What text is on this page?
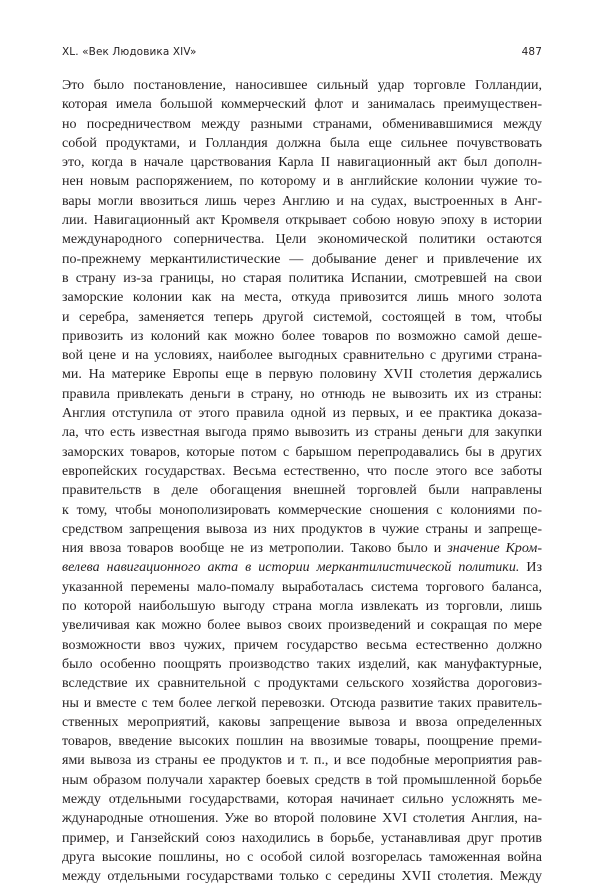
XL. «Век Людовика XIV»	487
Это было постановление, наносившее сильный удар торговле Голландии,
которая имела большой коммерческий флот и занималась преимуществен-
но посредничеством между разными странами, обменивавшимися между
собой продуктами, и Голландия должна была еще сильнее почувствовать
это, когда в начале царствования Карла II навигационный акт был дополн-
нен новым распоряжением, по которому и в английские колонии чужие то-
вары могли ввозиться лишь через Англию и на судах, выстроенных в Анг-
лии. Навигационный акт Кромвеля открывает собою новую эпоху в истории
международного соперничества. Цели экономической политики остаются
по-прежнему меркантилистические — добывание денег и привлечение их
в страну из-за границы, но старая политика Испании, смотревшей на свои
заморские колонии как на места, откуда привозится лишь много золота
и серебра, заменяется теперь другой системой, состоящей в том, чтобы
привозить из колоний как можно более товаров по возможно самой деше-
вой цене и на условиях, наиболее выгодных сравнительно с другими страна-
ми. На материке Европы еще в первую половину XVII столетия держались
правила привлекать деньги в страну, но отнюдь не вывозить их из страны:
Англия отступила от этого правила одной из первых, и ее практика доказа-
ла, что есть известная выгода прямо вывозить из страны деньги для закупки
заморских товаров, которые потом с барышом перепродавались бы в других
европейских государствах. Весьма естественно, что после этого все заботы
правительств в деле обогащения внешней торговлей были направлены
к тому, чтобы монополизировать коммерческие сношения с колониями по-
средством запрещения вывоза из них продуктов в чужие страны и запреще-
ния ввоза товаров вообще не из метрополии. Таково было и значение Кром-
велева навигационного акта в истории меркантилистической политики. Из
указанной перемены мало-помалу выработалась система торгового баланса,
по которой наибольшую выгоду страна могла извлекать из торговли, лишь
увеличивая как можно более вывоз своих произведений и сокращая по мере
возможности ввоз чужих, причем государство весьма естественно должно
было особенно поощрять производство таких изделий, как мануфактурные,
вследствие их сравнительной с продуктами сельского хозяйства дороговиз-
ны и вместе с тем более легкой перевозки. Отсюда развитие таких правитель-
ственных мероприятий, каковы запрещение вывоза и ввоза определенных
товаров, введение высоких пошлин на ввозимые товары, поощрение преми-
ями вывоза из страны ее продуктов и т. п., и все подобные мероприятия рав-
ным образом получали характер боевых средств в той промышленной борьбе
между отдельными государствами, которая начинает сильно усложнять ме-
ждународные отношения. Уже во второй половине XVI столетия Англия, на-
пример, и Ганзейский союз находились в борьбе, устанавливая друг против
друга высокие пошлины, но с особой силой возгорелась таможенная война
между отдельными государствами только с середины XVII столетия. Между
